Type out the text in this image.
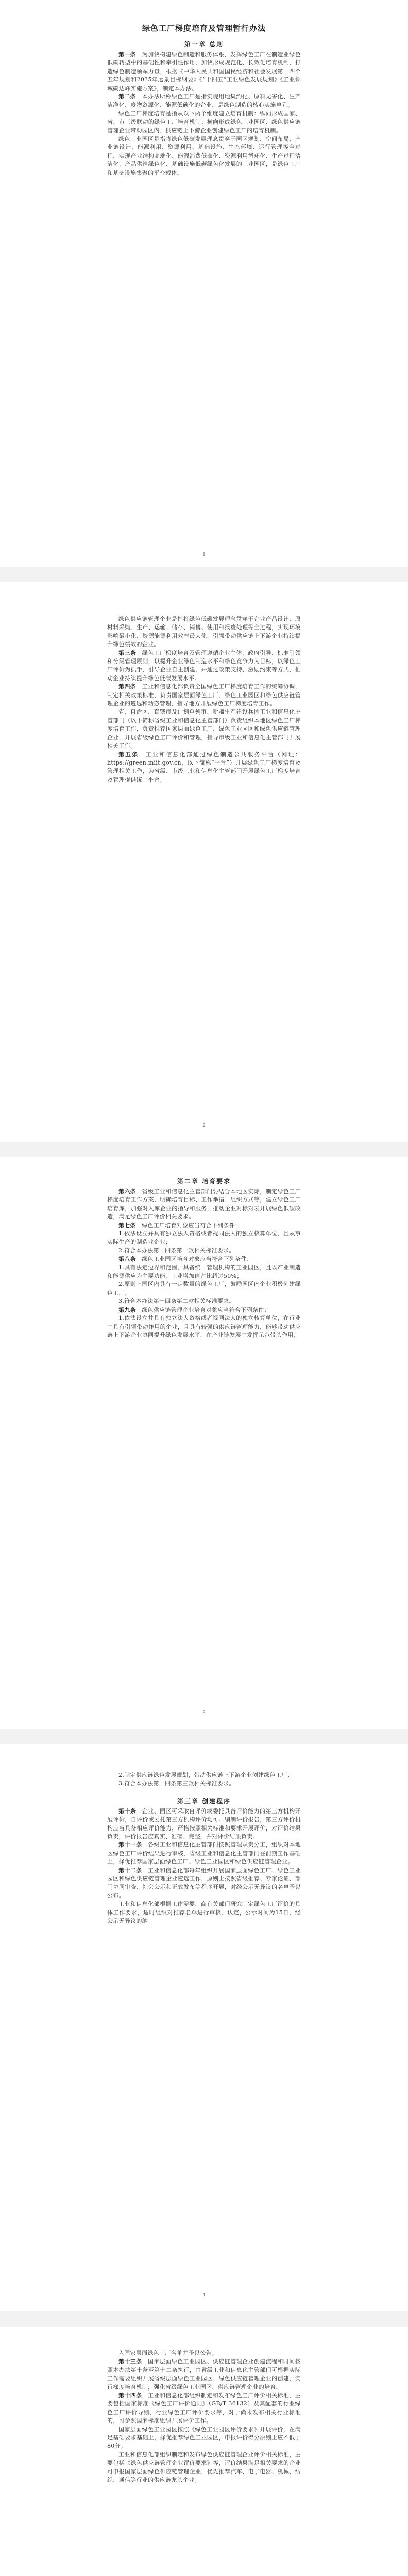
绿色工厂梯度培育及管理暂行办法
第一章 总则

第一条　 为加快构建绿色制造和服务体系，发挥绿色工厂在制造业绿色低碳转型中的基础性和牵引性作用，加快形成规范化、长效化培育机制，打造绿色制造领军力量，根据《中华人民共和国国民经济和社会发展第十四个五年规划和2035年远景目标纲要》《“十四五”工业绿色发展规划》《工业领域碳达峰实施方案》，制定本办法。

第二条　 本办法所称绿色工厂是指实现用地集约化、原料无害化、生产洁净化、废物资源化、能源低碳化的企业，是绿色制造的核心实施单元。

绿色工厂梯度培育是指从以下两个维度建立培育机制：纵向形成国家、省、市三级联动的绿色工厂培育机制；横向形成绿色工业园区、绿色供应链管理企业带动园区内、供应链上下游企业创建绿色工厂的培育机制。

绿色工业园区是指将绿色低碳发展理念贯穿于园区规划、空间布局、产业链设计、能源利用、资源利用、基础设施、生态环境、运行管理等全过程，实现产业结构高端化、能源消费低碳化、资源利用循环化、生产过程清洁化、产品供给绿色化、基础设施低碳绿色化发展的工业园区，是绿色工厂和基础设施集聚的平台载体。

1

绿色供应链管理企业是指将绿色低碳发展理念贯穿于企业产品设计、原材料采购、生产、运输、储存、销售、使用和报废处理等全过程，实现环境影响最小化、资源能源利用效率最大化，引领带动供应链上下游企业持续提升绿色绩效的企业。

第三条　 绿色工厂梯度培育及管理遵循企业主体、政府引导、标准引领和分级管理原则，以提升企业绿色制造水平和绿色竞争力为目标，以绿色工厂评价为抓手，引导企业自主创建，并通过政策支持、激励约束等方式，推动企业持续提升绿色低碳发展水平。

第四条　 工业和信息化部负责全国绿色工厂梯度培育工作的统筹协调，制定相关政策标准，负责国家层面绿色工厂、绿色工业园区和绿色供应链管理企业的遴选和动态管理，指导地方开展绿色工厂梯度培育工作。

省、自治区、直辖市及计划单列市、新疆生产建设兵团工业和信息化主管部门（以下简称省级工业和信息化主管部门）负责组织本地区绿色工厂梯度培育工作，负责推荐国家层面绿色工厂、绿色工业园区和绿色供应链管理企业，开展省级绿色工厂评价和管理，指导市级工业和信息化主管部门开展相关工作。

第五条　 工业和信息化部通过绿色制造公共服务平台（网址：https://green.miit.gov.cn，以下简称“平台”）开展绿色工厂梯度培育及管理相关工作，为省级、市级工业和信息化主管部门开展绿色工厂梯度培育及管理提供统一平台。

2
第二章 培育要求

第六条　 省级工业和信息化主管部门要结合本地区实际，制定绿色工厂梯度培育工作方案，明确培育目标、工作举措、组织方式等，建立绿色工厂培育库，加强对入库企业的指导和服务，推动企业对标对表开展绿色低碳改造，满足绿色工厂评价相关要求。

第七条　 绿色工厂培育对象应当符合下列条件：

1.依法设立并具有独立法人资格或者视同法人的独立核算单位，且从事实际生产的制造业企业；

2.符合本办法第十四条第一款相关标准要求。

第八条　 绿色工业园区培育对象应当符合下列条件：

1.具有法定边界和范围，具备统一管理机构的工业园区，且以产业制造和能源供应为主要功能，工业增加值占比超过50%；

2.原则上园区内具有一定数量的绿色工厂，鼓励园区内企业积极创建绿色工厂；

3.符合本办法第十四条第二款相关标准要求。

第九条　 绿色供应链管理企业培育对象应当符合下列条件：

1.依法设立并具有独立法人资格或者视同法人的独立核算单位，在行业中具有引领带动作用的企业，且具有较强的供应链管理能力，能够带动供应链上下游企业协同提升绿色发展水平，在产业链发展中发挥示范带头作用；

3

2.制定供应链绿色发展规划，带动供应链上下游企业创建绿色工厂；

3.符合本办法第十四条第三款相关标准要求。

第三章 创建程序

第十条　 企业、园区可采取自评价或委托具备评价能力的第三方机构开展评价，自评价或委托第三方机构评价均可。编制评价报告，第三方评价机构应当具备相应评价能力，严格按照相关标准和要求开展评价，对评价结果负责，评价报告应真实、准确、完整，并对评价结果负责。

第十一条　 各级工业和信息化主管部门按照管理职责分工，组织对本地区绿色工厂评价结果进行审核，省级工业和信息化主管部门在前期工作基础上，择优推荐国家层面绿色工厂、绿色工业园区和绿色供应链管理企业。

第十二条　 工业和信息化部每年组织开展国家层面绿色工厂、绿色工业园区和绿色供应链管理企业遴选工作，原则上按照省级推荐、专家论证、部门协同审查、社会公示和正式发布等程序开展，对经公示无异议的名单予以公布。

工业和信息化部根据工作需要，商有关部门研究制定绿色工厂评价的具体工作要求，适时组织对推荐名单进行审核、认定，公示时间为15日，经公示无异议的纳

4

入国家层面绿色工厂名单并予以公告。

第十三条　 国家层面绿色工业园区、供应链管理企业创建流程和时间按照本办法第十条至第十二条执行，由省级工业和信息化主管部门可根据实际工作需要组织开展省级层面绿色工业园区、绿色供应链管理企业的创建，实行梯度培育机制，强化省级绿色工业园区、供应链管理企业的培育。

第十四条　 工业和信息化部组织制定和发布绿色工厂评价相关标准，主要包括国家标准《绿色工厂评价通则》（GB/T 36132）及其配套的行业绿色工厂评价导则、行业绿色工厂评价要求等，对于尚未发布相关行业标准的，可参照国家标准组织开展评价工作。

国家层面绿色工业园区按照《绿色工业园区评价要求》开展评价，在满足基础要求基础上，择优推荐绿色工业园区，申报评价得分原则上应不低于80分。

工业和信息化部组织制定和发布绿色供应链管理企业评价相关标准，主要包括《绿色供应链管理企业评价要求》等，评价结果满足相关要求的企业可申报国家层面绿色供应链管理企业，优先推荐汽车、电子电器、机械、纺织、通信等行业的供应链龙头企业。
